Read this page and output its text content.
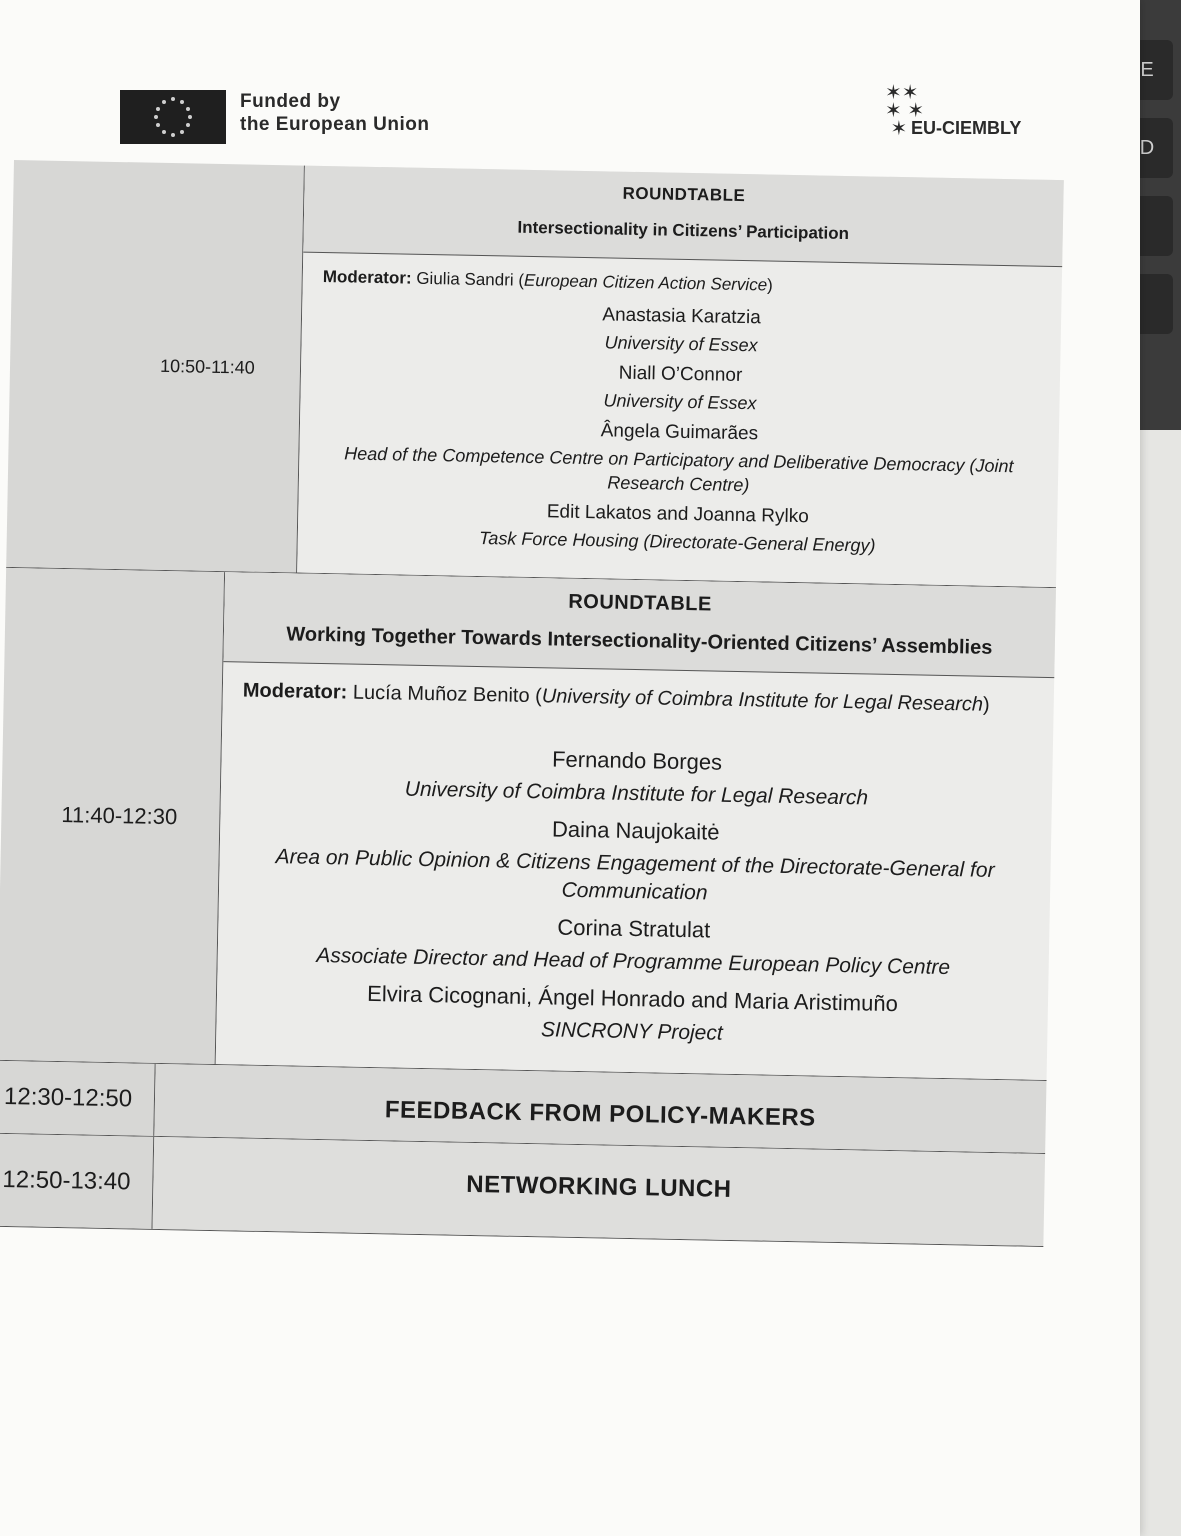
E
D
Funded by
the European Union
✶✶
✶ ✶
✶ EU-CIEMBLY
10:50-11:40
ROUNDTABLE
Intersectionality in Citizens’ Participation
Moderator: Giulia Sandri (European Citizen Action Service)
Anastasia Karatzia
University of Essex
Niall O’Connor
University of Essex
Ângela Guimarães
Head of the Competence Centre on Participatory and Deliberative Democracy (Joint Research Centre)
Edit Lakatos and Joanna Rylko
Task Force Housing (Directorate-General Energy)
11:40-12:30
ROUNDTABLE
Working Together Towards Intersectionality-Oriented Citizens’ Assemblies
Moderator: Lucía Muñoz Benito (University of Coimbra Institute for Legal Research)
Fernando Borges
University of Coimbra Institute for Legal Research
Daina Naujokaitė
Area on Public Opinion & Citizens Engagement of the Directorate-General for Communication
Corina Stratulat
Associate Director and Head of Programme European Policy Centre
Elvira Cicognani, Ángel Honrado and Maria Aristimuño
SINCRONY Project
12:30-12:50	FEEDBACK FROM POLICY-MAKERS
12:50-13:40	NETWORKING LUNCH
